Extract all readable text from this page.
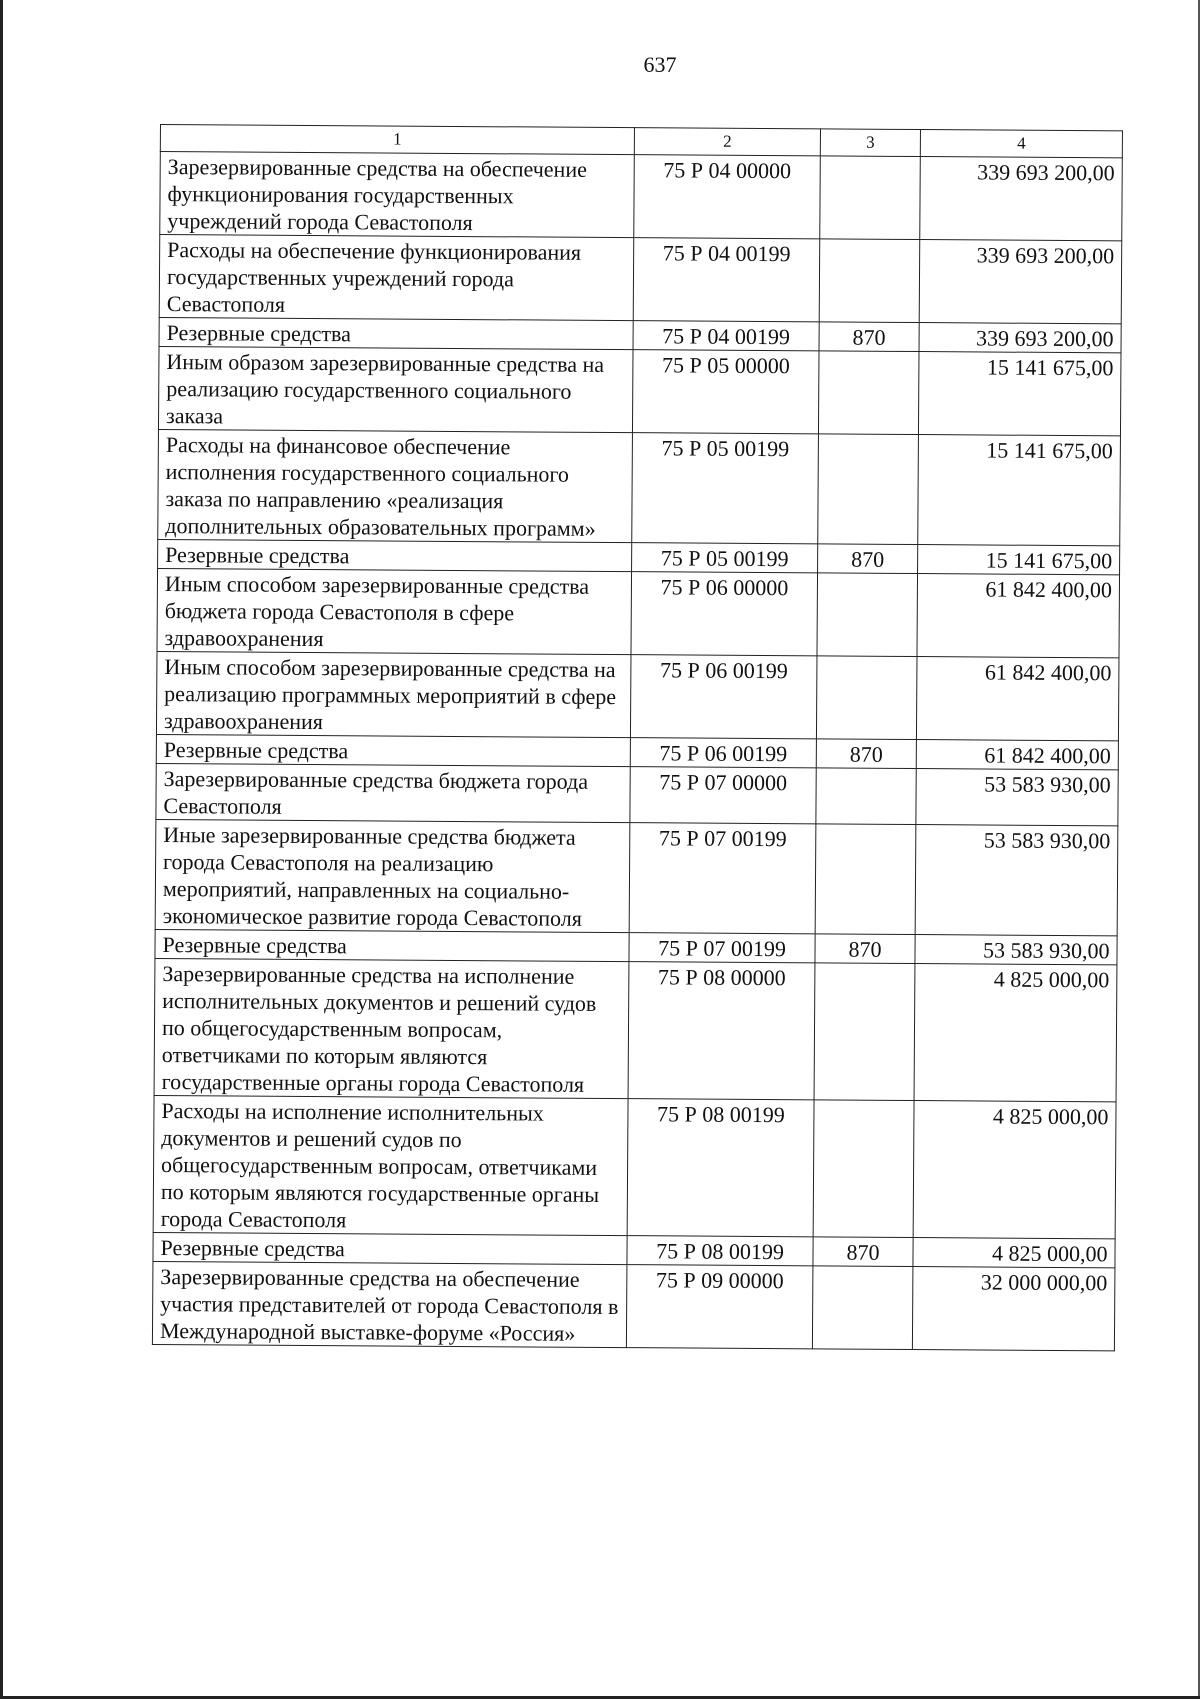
637
1	2	3	4
Зарезервированные средства на обеспечение функционирования государственных учреждений города Севастополя	75 Р 04 00000		339 693 200,00
Расходы на обеспечение функционирования государственных учреждений города Севастополя	75 Р 04 00199		339 693 200,00
Резервные средства	75 Р 04 00199	870	339 693 200,00
Иным образом зарезервированные средства на реализацию государственного социального заказа	75 Р 05 00000		15 141 675,00
Расходы на финансовое обеспечение исполнения государственного социального заказа по направлению «реализация дополнительных образовательных программ»	75 Р 05 00199		15 141 675,00
Резервные средства	75 Р 05 00199	870	15 141 675,00
Иным способом зарезервированные средства бюджета города Севастополя в сфере здравоохранения	75 Р 06 00000		61 842 400,00
Иным способом зарезервированные средства на реализацию программных мероприятий в сфере здравоохранения	75 Р 06 00199		61 842 400,00
Резервные средства	75 Р 06 00199	870	61 842 400,00
Зарезервированные средства бюджета города Севастополя	75 Р 07 00000		53 583 930,00
Иные зарезервированные средства бюджета города Севастополя на реализацию мероприятий, направленных на социально-экономическое развитие города Севастополя	75 Р 07 00199		53 583 930,00
Резервные средства	75 Р 07 00199	870	53 583 930,00
Зарезервированные средства на исполнение исполнительных документов и решений судов по общегосударственным вопросам, ответчиками по которым являются государственные органы города Севастополя	75 Р 08 00000		4 825 000,00
Расходы на исполнение исполнительных документов и решений судов по общегосударственным вопросам, ответчиками по которым являются государственные органы города Севастополя	75 Р 08 00199		4 825 000,00
Резервные средства	75 Р 08 00199	870	4 825 000,00
Зарезервированные средства на обеспечение участия представителей от города Севастополя в Международной выставке-форуме «Россия»	75 Р 09 00000		32 000 000,00
